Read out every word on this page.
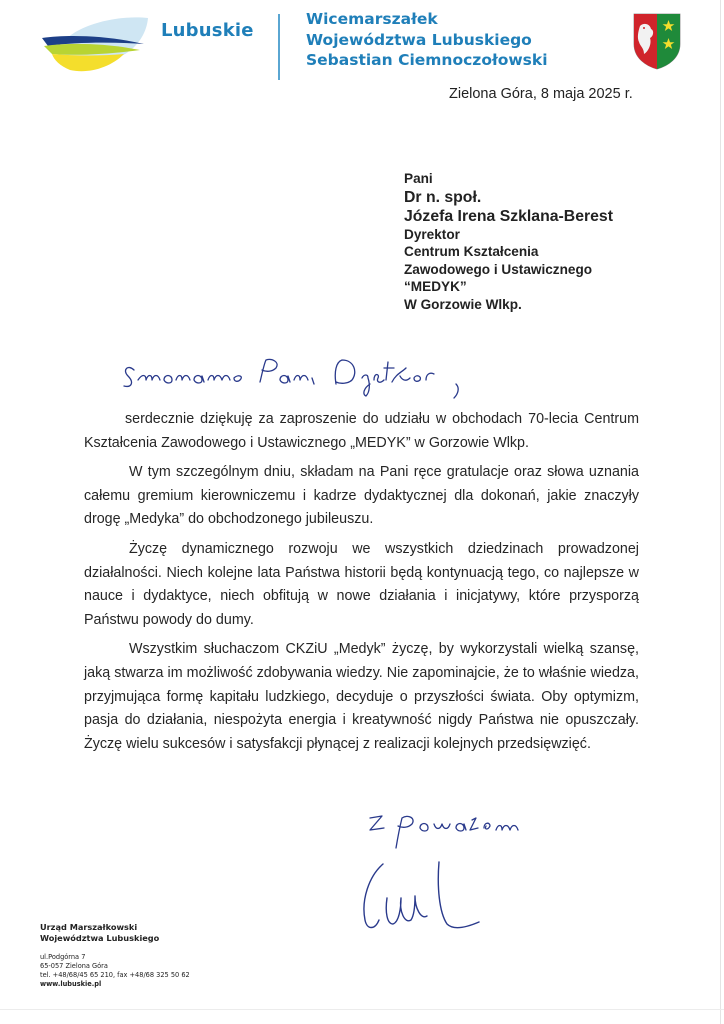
Lubuskie
Wicemarszałek
Województwa Lubuskiego
Sebastian Ciemnoczołowski
Zielona Góra, 8 maja 2025 r.
Pani
Dr n. społ.
Józefa Irena Szklana-Berest
Dyrektor
Centrum Kształcenia
Zawodowego i Ustawicznego
“MEDYK”
W Gorzowie Wlkp.

serdecznie dziękuję za zaproszenie do udziału w obchodach 70-lecia Centrum Kształcenia Zawodowego i Ustawicznego „MEDYK” w Gorzowie Wlkp.

W tym szczególnym dniu, składam na Pani ręce gratulacje oraz słowa uznania całemu gremium kierowniczemu i kadrze dydaktycznej dla dokonań, jakie znaczyły drogę „Medyka” do obchodzonego jubileuszu.

Życzę dynamicznego rozwoju we wszystkich dziedzinach prowadzonej działalności. Niech kolejne lata Państwa historii będą kontynuacją tego, co najlepsze w nauce i dydaktyce, niech obfitują w nowe działania i inicjatywy, które przysporzą Państwu powody do dumy.

Wszystkim słuchaczom CKZiU „Medyk” życzę, by wykorzystali wielką szansę, jaką stwarza im możliwość zdobywania wiedzy. Nie zapominajcie, że to właśnie wiedza, przyjmująca formę kapitału ludzkiego, decyduje o przyszłości świata. Oby optymizm, pasja do działania, niespożyta energia i kreatywność nigdy Państwa nie opuszczały. Życzę wielu sukcesów i satysfakcji płynącej z realizacji kolejnych przedsięwzięć.

Urząd Marszałkowski
Województwa Lubuskiego
ul.Podgórna 7
65-057 Zielona Góra
tel. +48/68/45 65 210, fax +48/68 325 50 62
www.lubuskie.pl
